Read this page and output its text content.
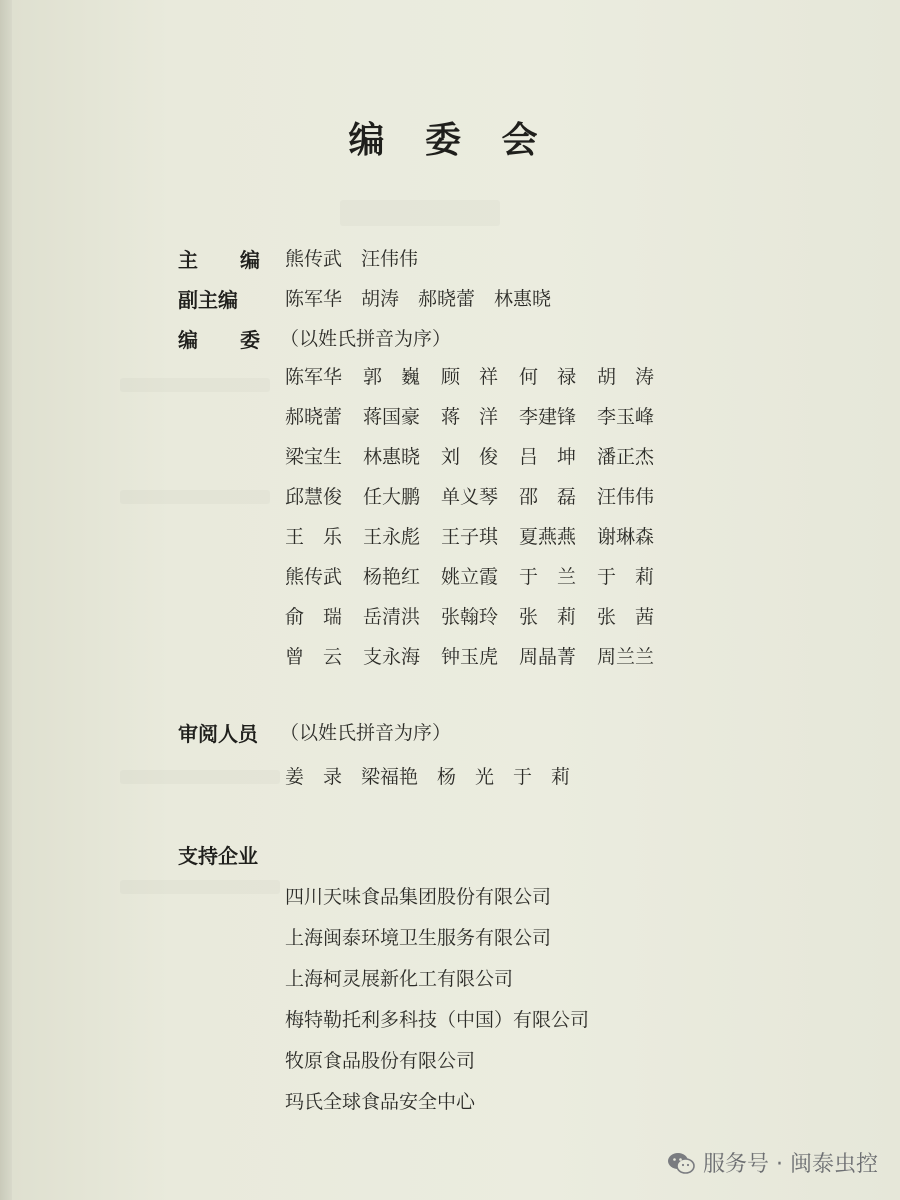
编 委 会
主 编 熊传武　汪伟伟
副主编 陈军华　胡涛　郝晓蕾　林惠晓
编 委 （以姓氏拼音为序）
陈军华	郭　巍	顾　祥	何　禄	胡　涛
郝晓蕾	蒋国豪	蒋　洋	李建锋	李玉峰
梁宝生	林惠晓	刘　俊	吕　坤	潘正杰
邱慧俊	任大鹏	单义琴	邵　磊	汪伟伟
王　乐	王永彪	王子琪	夏燕燕	谢琳森
熊传武	杨艳红	姚立霞	于　兰	于　莉
俞　瑞	岳清洪	张翰玲	张　莉	张　茜
曾　云	支永海	钟玉虎	周晶菁	周兰兰
审阅人员 （以姓氏拼音为序）
姜　录　梁福艳　杨　光　于　莉
支持企业
四川天味食品集团股份有限公司
上海闽泰环境卫生服务有限公司
上海柯灵展新化工有限公司
梅特勒托利多科技（中国）有限公司
牧原食品股份有限公司
玛氏全球食品安全中心
服务号 · 闽泰虫控
